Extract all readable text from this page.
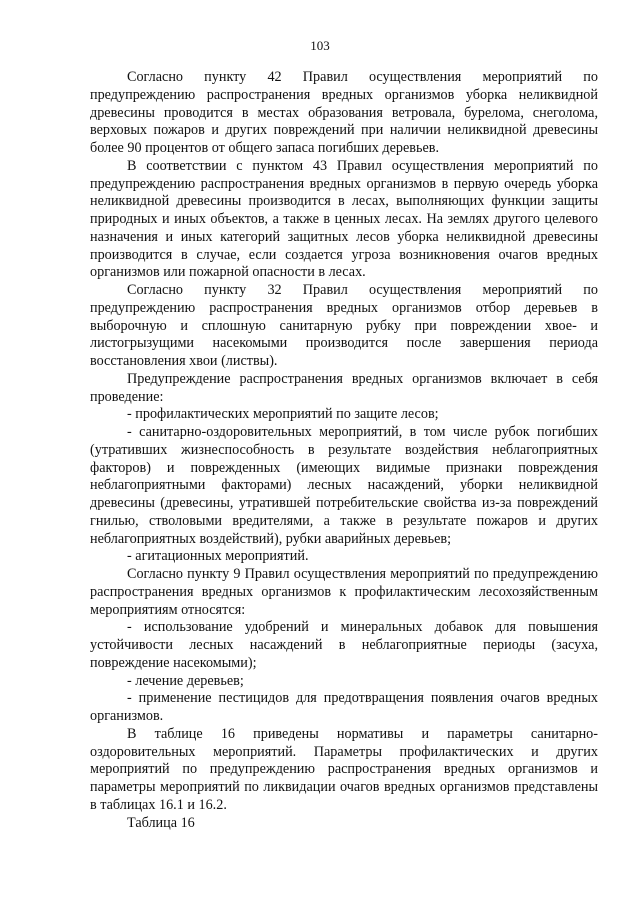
103

Согласно пункту 42 Правил осуществления мероприятий по предупреждению распространения вредных организмов уборка неликвидной древесины проводится в местах образования ветровала, бурелома, снеголома, верховых пожаров и других повреждений при наличии неликвидной древесины более 90 процентов от общего запаса погибших деревьев.

В соответствии с пунктом 43 Правил осуществления мероприятий по предупреждению распространения вредных организмов в первую очередь уборка неликвидной древесины производится в лесах, выполняющих функции защиты природных и иных объектов, а также в ценных лесах. На землях другого целевого назначения и иных категорий защитных лесов уборка неликвидной древесины производится в случае, если создается угроза возникновения очагов вредных организмов или пожарной опасности в лесах.

Согласно пункту 32 Правил осуществления мероприятий по предупреждению распространения вредных организмов отбор деревьев в выборочную и сплошную санитарную рубку при повреждении хвое- и листогрызущими насекомыми производится после завершения периода восстановления хвои (листвы).

Предупреждение распространения вредных организмов включает в себя проведение:

- профилактических мероприятий по защите лесов;

- санитарно-оздоровительных мероприятий, в том числе рубок погибших (утративших жизнеспособность в результате воздействия неблагоприятных факторов) и поврежденных (имеющих видимые признаки повреждения неблагоприятными факторами) лесных насаждений, уборки неликвидной древесины (древесины, утратившей потребительские свойства из-за повреждений гнилью, стволовыми вредителями, а также в результате пожаров и других неблагоприятных воздействий), рубки аварийных деревьев;

- агитационных мероприятий.

Согласно пункту 9 Правил осуществления мероприятий по предупреждению распространения вредных организмов к профилактическим лесохозяйственным мероприятиям относятся:

- использование удобрений и минеральных добавок для повышения устойчивости лесных насаждений в неблагоприятные периоды (засуха, повреждение насекомыми);

- лечение деревьев;

- применение пестицидов для предотвращения появления очагов вредных организмов.

В таблице 16 приведены нормативы и параметры санитарно-оздоровительных мероприятий. Параметры профилактических и других мероприятий по предупреждению распространения вредных организмов и параметры мероприятий по ликвидации очагов вредных организмов представлены в таблицах 16.1 и 16.2.

Таблица 16
